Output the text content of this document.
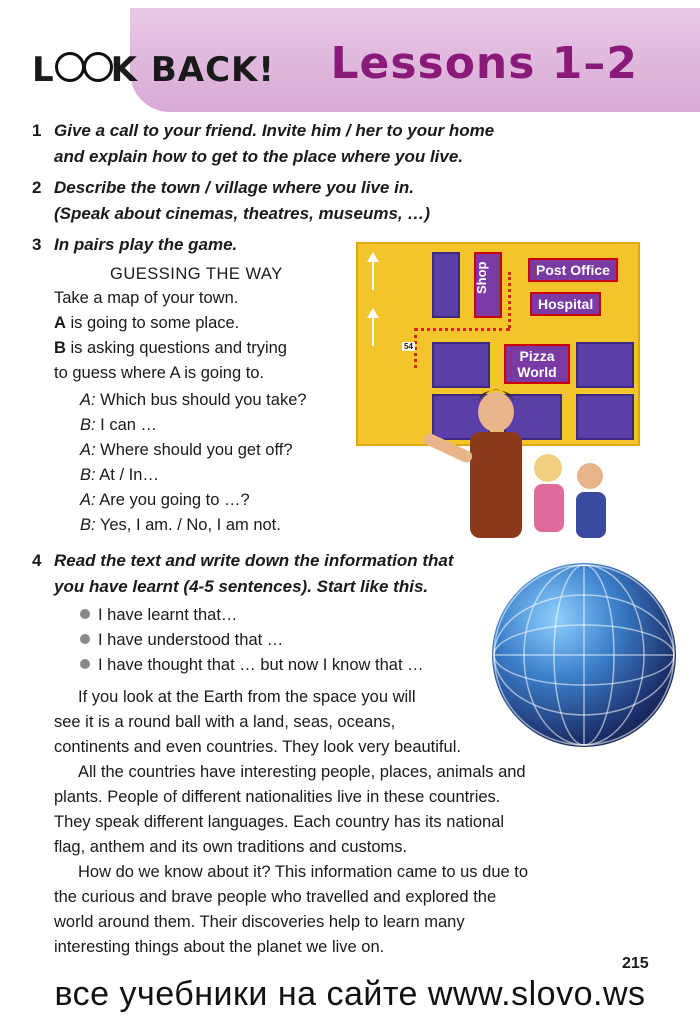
Lessons 1–2
L K BACK!
1 Give a call to your friend. Invite him / her to your home
and explain how to get to the place where you live.
2 Describe the town / village where you live in.
(Speak about cinemas, theatres, museums, …)
3 In pairs play the game.
GUESSING THE WAY
Take a map of your town.
A is going to some place.
B is asking questions and trying
to guess where A is going to.
A: Which bus should you take?
B: I can …
A: Where should you get off?
B: At / In…
A: Are you going to …?
B: Yes, I am. / No, I am not.
Shop	Post Office
Hospital
Pizza World
54
4 Read the text and write down the information that
you have learnt (4-5 sentences). Start like this.
I have learnt that…
I have understood that …
I have thought that … but now I know that …
If you look at the Earth from the space you will
see it is a round ball with a land, seas, oceans,
continents and even countries. They look very beautiful.
All the countries have interesting people, places, animals and
plants. People of different nationalities live in these countries.
They speak different languages. Each country has its national
flag, anthem and its own traditions and customs.
How do we know about it? This information came to us due to
the curious and brave people who travelled and explored the
world around them. Their discoveries help to learn many
interesting things about the planet we live on.
215
все учебники на сайте www.slovo.ws
